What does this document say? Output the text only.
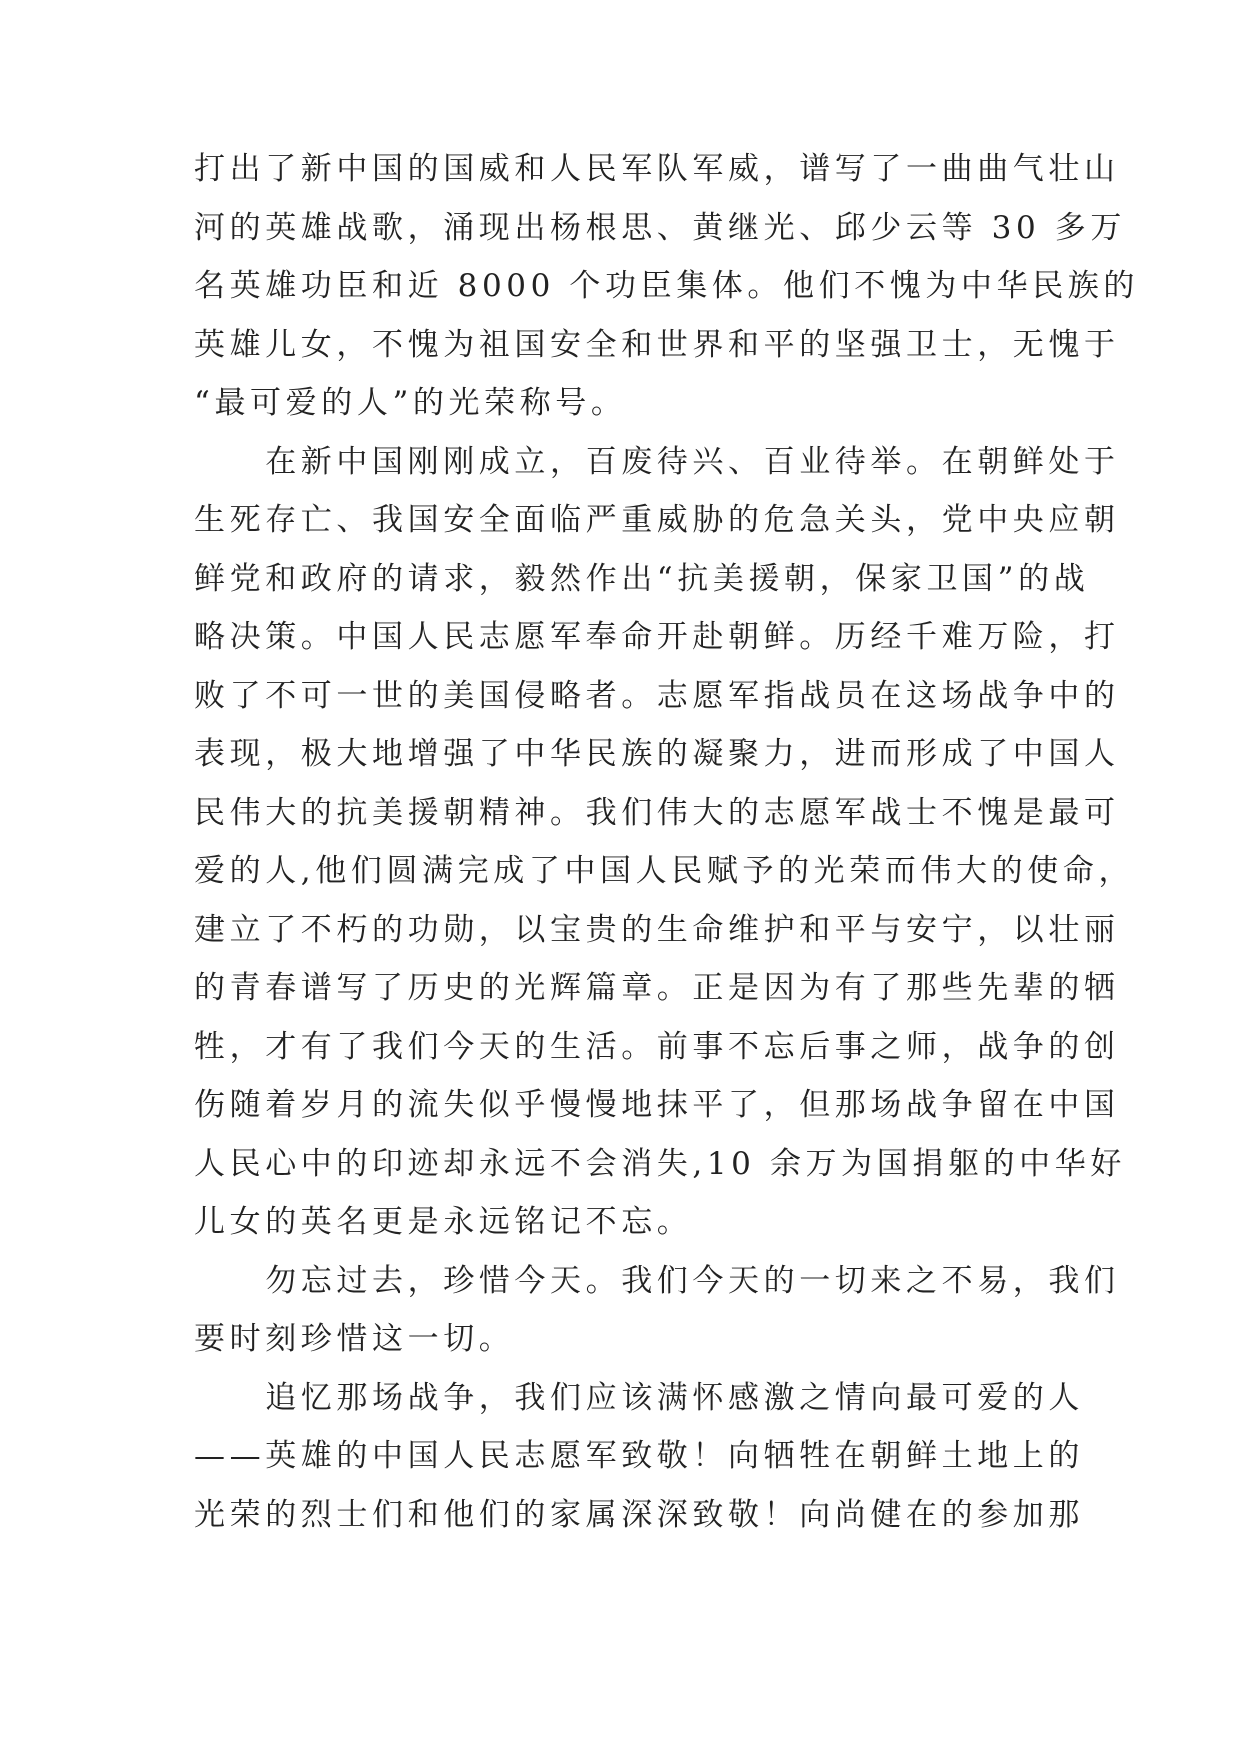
打出了新中国的国威和人民军队军威，谱写了一曲曲气壮山
河的英雄战歌，涌现出杨根思、黄继光、邱少云等 30 多万
名英雄功臣和近 8000 个功臣集体。他们不愧为中华民族的
英雄儿女，不愧为祖国安全和世界和平的坚强卫士，无愧于
“最可爱的人”的光荣称号。
　　在新中国刚刚成立，百废待兴、百业待举。在朝鲜处于
生死存亡、我国安全面临严重威胁的危急关头，党中央应朝
鲜党和政府的请求，毅然作出“抗美援朝，保家卫国”的战
略决策。中国人民志愿军奉命开赴朝鲜。历经千难万险，打
败了不可一世的美国侵略者。志愿军指战员在这场战争中的
表现，极大地增强了中华民族的凝聚力，进而形成了中国人
民伟大的抗美援朝精神。我们伟大的志愿军战士不愧是最可
爱的人,他们圆满完成了中国人民赋予的光荣而伟大的使命，
建立了不朽的功勋，以宝贵的生命维护和平与安宁，以壮丽
的青春谱写了历史的光辉篇章。正是因为有了那些先辈的牺
牲，才有了我们今天的生活。前事不忘后事之师，战争的创
伤随着岁月的流失似乎慢慢地抹平了，但那场战争留在中国
人民心中的印迹却永远不会消失,10 余万为国捐躯的中华好
儿女的英名更是永远铭记不忘。
　　勿忘过去，珍惜今天。我们今天的一切来之不易，我们
要时刻珍惜这一切。
　　追忆那场战争，我们应该满怀感激之情向最可爱的人
——英雄的中国人民志愿军致敬！向牺牲在朝鲜土地上的
光荣的烈士们和他们的家属深深致敬！向尚健在的参加那
